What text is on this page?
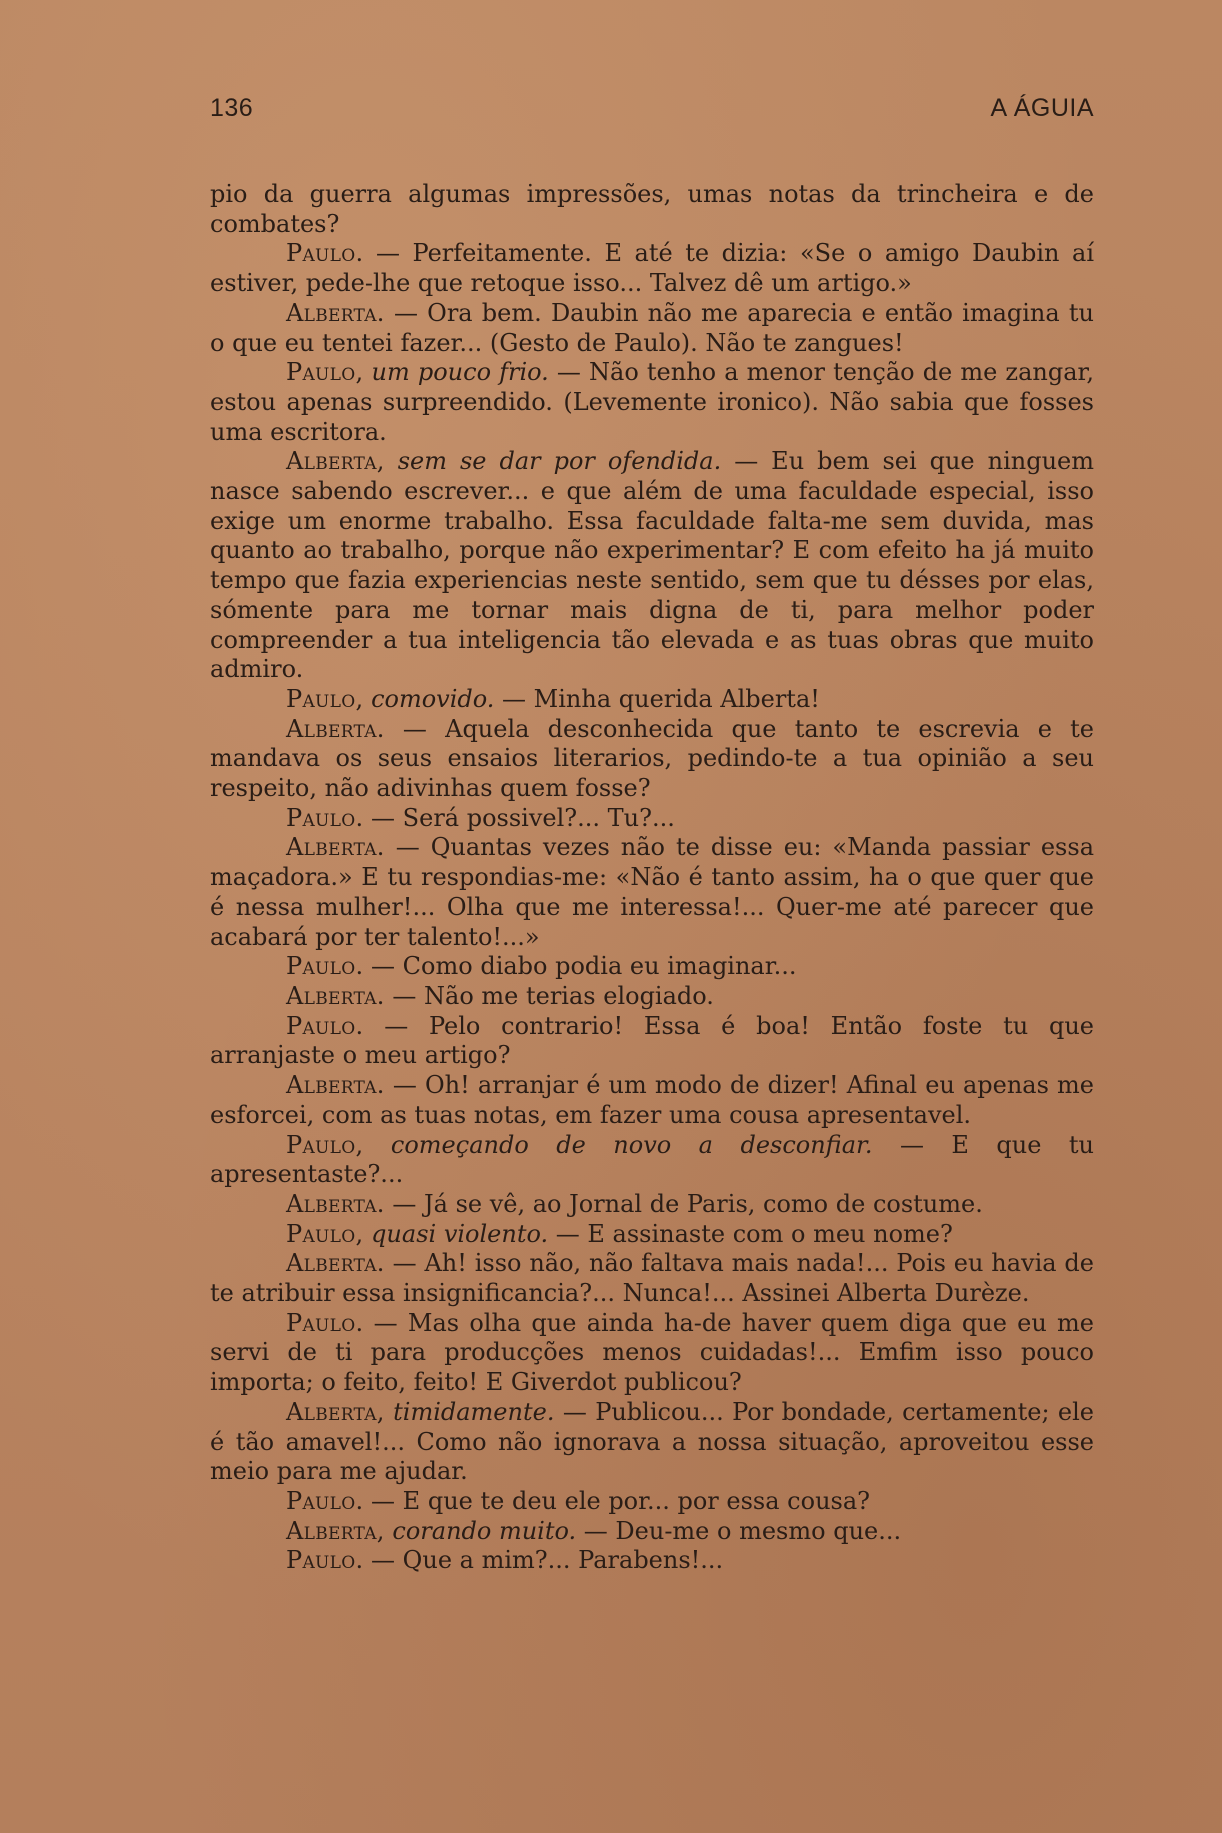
136	A ÁGUIA

pio da guerra algumas impressões, umas notas da trincheira e de combates?

Paulo. — Perfeitamente. E até te dizia: «Se o amigo Daubin aí estiver, pede-lhe que retoque isso... Talvez dê um artigo.»

Alberta. — Ora bem. Daubin não me aparecia e então imagina tu o que eu tentei fazer... (Gesto de Paulo). Não te zangues!

Paulo, um pouco frio. — Não tenho a menor tenção de me zangar, estou apenas surpreendido. (Levemente ironico). Não sabia que fosses uma escritora.

Alberta, sem se dar por ofendida. — Eu bem sei que ninguem nasce sabendo escrever... e que além de uma faculdade especial, isso exige um enorme trabalho. Essa faculdade falta-me sem duvida, mas quanto ao trabalho, porque não experimentar? E com efeito ha já muito tempo que fazia experiencias neste sentido, sem que tu désses por elas, sómente para me tornar mais digna de ti, para melhor poder compreender a tua inteligencia tão elevada e as tuas obras que muito admiro.

Paulo, comovido. — Minha querida Alberta!

Alberta. — Aquela desconhecida que tanto te escrevia e te mandava os seus ensaios literarios, pedindo-te a tua opinião a seu respeito, não adivinhas quem fosse?

Paulo. — Será possivel?... Tu?...

Alberta. — Quantas vezes não te disse eu: «Manda passiar essa maçadora.» E tu respondias-me: «Não é tanto assim, ha o que quer que é nessa mulher!... Olha que me interessa!... Quer-me até parecer que acabará por ter talento!...»

Paulo. — Como diabo podia eu imaginar...

Alberta. — Não me terias elogiado.

Paulo. — Pelo contrario! Essa é boa! Então foste tu que arranjaste o meu artigo?

Alberta. — Oh! arranjar é um modo de dizer! Afinal eu apenas me esforcei, com as tuas notas, em fazer uma cousa apresentavel.

Paulo, começando de novo a desconfiar. — E que tu apresentaste?...

Alberta. — Já se vê, ao Jornal de Paris, como de costume.

Paulo, quasi violento. — E assinaste com o meu nome?

Alberta. — Ah! isso não, não faltava mais nada!... Pois eu havia de te atribuir essa insignificancia?... Nunca!... Assinei Alberta Durèze.

Paulo. — Mas olha que ainda ha-de haver quem diga que eu me servi de ti para producções menos cuidadas!... Emfim isso pouco importa; o feito, feito! E Giverdot publicou?

Alberta, timidamente. — Publicou... Por bondade, certamente; ele é tão amavel!... Como não ignorava a nossa situação, aproveitou esse meio para me ajudar.

Paulo. — E que te deu ele por... por essa cousa?

Alberta, corando muito. — Deu-me o mesmo que...

Paulo. — Que a mim?... Parabens!...
